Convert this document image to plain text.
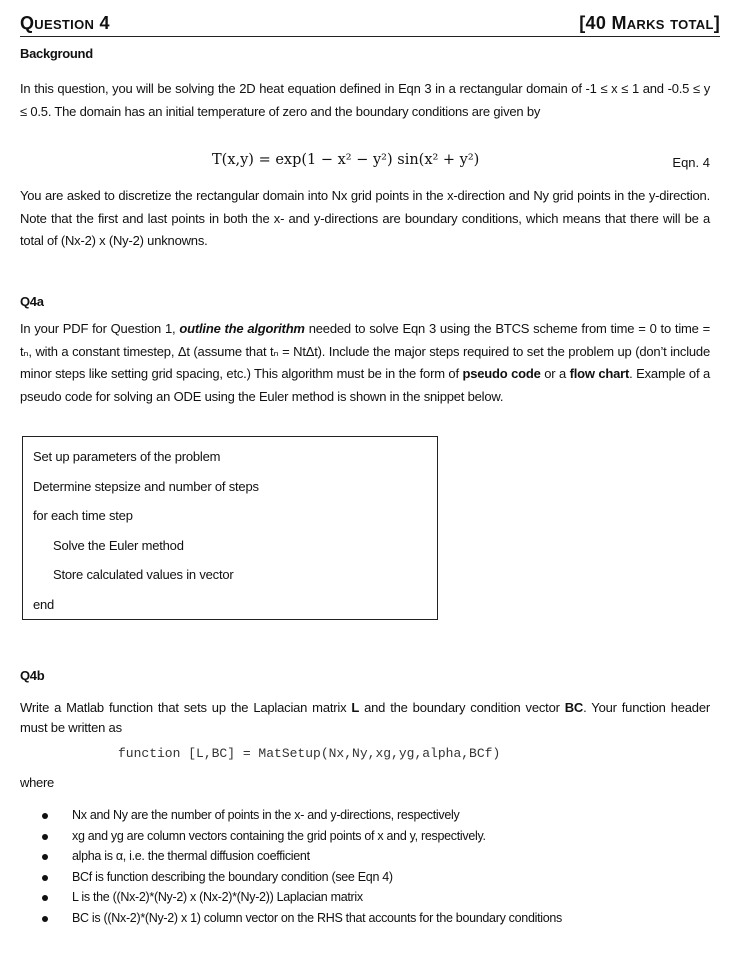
Question 4	[40 Marks total]
Background
In this question, you will be solving the 2D heat equation defined in Eqn 3 in a rectangular domain of -1 ≤ x ≤ 1 and -0.5 ≤ y ≤ 0.5. The domain has an initial temperature of zero and the boundary conditions are given by
T(x,y) = exp(1 − x² − y²) sin(x² + y²)	Eqn. 4
You are asked to discretize the rectangular domain into Nx grid points in the x-direction and Ny grid points in the y-direction. Note that the first and last points in both the x- and y-directions are boundary conditions, which means that there will be a total of (Nx-2) x (Ny-2) unknowns.
Q4a
In your PDF for Question 1, outline the algorithm needed to solve Eqn 3 using the BTCS scheme from time = 0 to time = tₙ, with a constant timestep, Δt (assume that tₙ = NtΔt). Include the major steps required to set the problem up (don’t include minor steps like setting grid spacing, etc.) This algorithm must be in the form of pseudo code or a flow chart. Example of a pseudo code for solving an ODE using the Euler method is shown in the snippet below.
Set up parameters of the problem
Determine stepsize and number of steps
for each time step
Solve the Euler method
Store calculated values in vector
end
Q4b
Write a Matlab function that sets up the Laplacian matrix L and the boundary condition vector BC. Your function header must be written as
function [L,BC] = MatSetup(Nx,Ny,xg,yg,alpha,BCf)
where
Nx and Ny are the number of points in the x- and y-directions, respectively
xg and yg are column vectors containing the grid points of x and y, respectively.
alpha is α, i.e. the thermal diffusion coefficient
BCf is function describing the boundary condition (see Eqn 4)
L is the ((Nx-2)*(Ny-2) x (Nx-2)*(Ny-2)) Laplacian matrix
BC is ((Nx-2)*(Ny-2) x 1) column vector on the RHS that accounts for the boundary conditions
